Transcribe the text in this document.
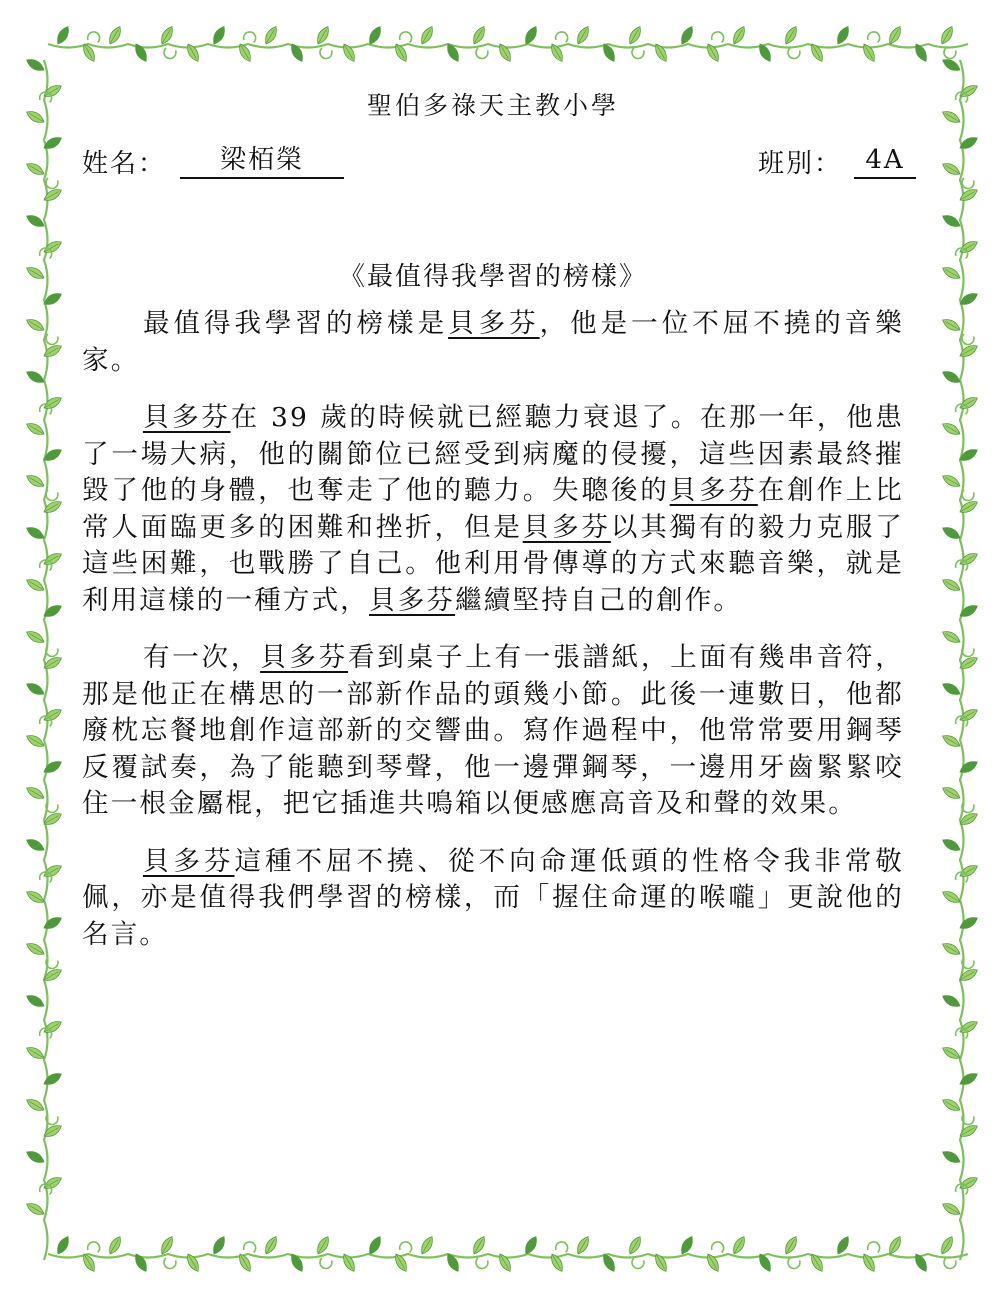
聖伯多祿天主教小學
姓名：	梁栢榮	班別： 4A
《最值得我學習的榜樣》

最值得我學習的榜樣是貝多芬，他是一位不屈不撓的音樂家。

貝多芬在 39 歲的時候就已經聽力衰退了。在那一年，他患了一場大病，他的關節位已經受到病魔的侵擾，這些因素最終摧毀了他的身體，也奪走了他的聽力。失聰後的貝多芬在創作上比常人面臨更多的困難和挫折，但是貝多芬以其獨有的毅力克服了這些困難，也戰勝了自己。他利用骨傳導的方式來聽音樂，就是利用這樣的一種方式，貝多芬繼續堅持自己的創作。

有一次，貝多芬看到桌子上有一張譜紙，上面有幾串音符，那是他正在構思的一部新作品的頭幾小節。此後一連數日，他都廢枕忘餐地創作這部新的交響曲。寫作過程中，他常常要用鋼琴反覆試奏，為了能聽到琴聲，他一邊彈鋼琴，一邊用牙齒緊緊咬住一根金屬棍，把它插進共鳴箱以便感應高音及和聲的效果。

貝多芬這種不屈不撓、從不向命運低頭的性格令我非常敬佩，亦是值得我們學習的榜樣，而「握住命運的喉嚨」更說他的名言。
